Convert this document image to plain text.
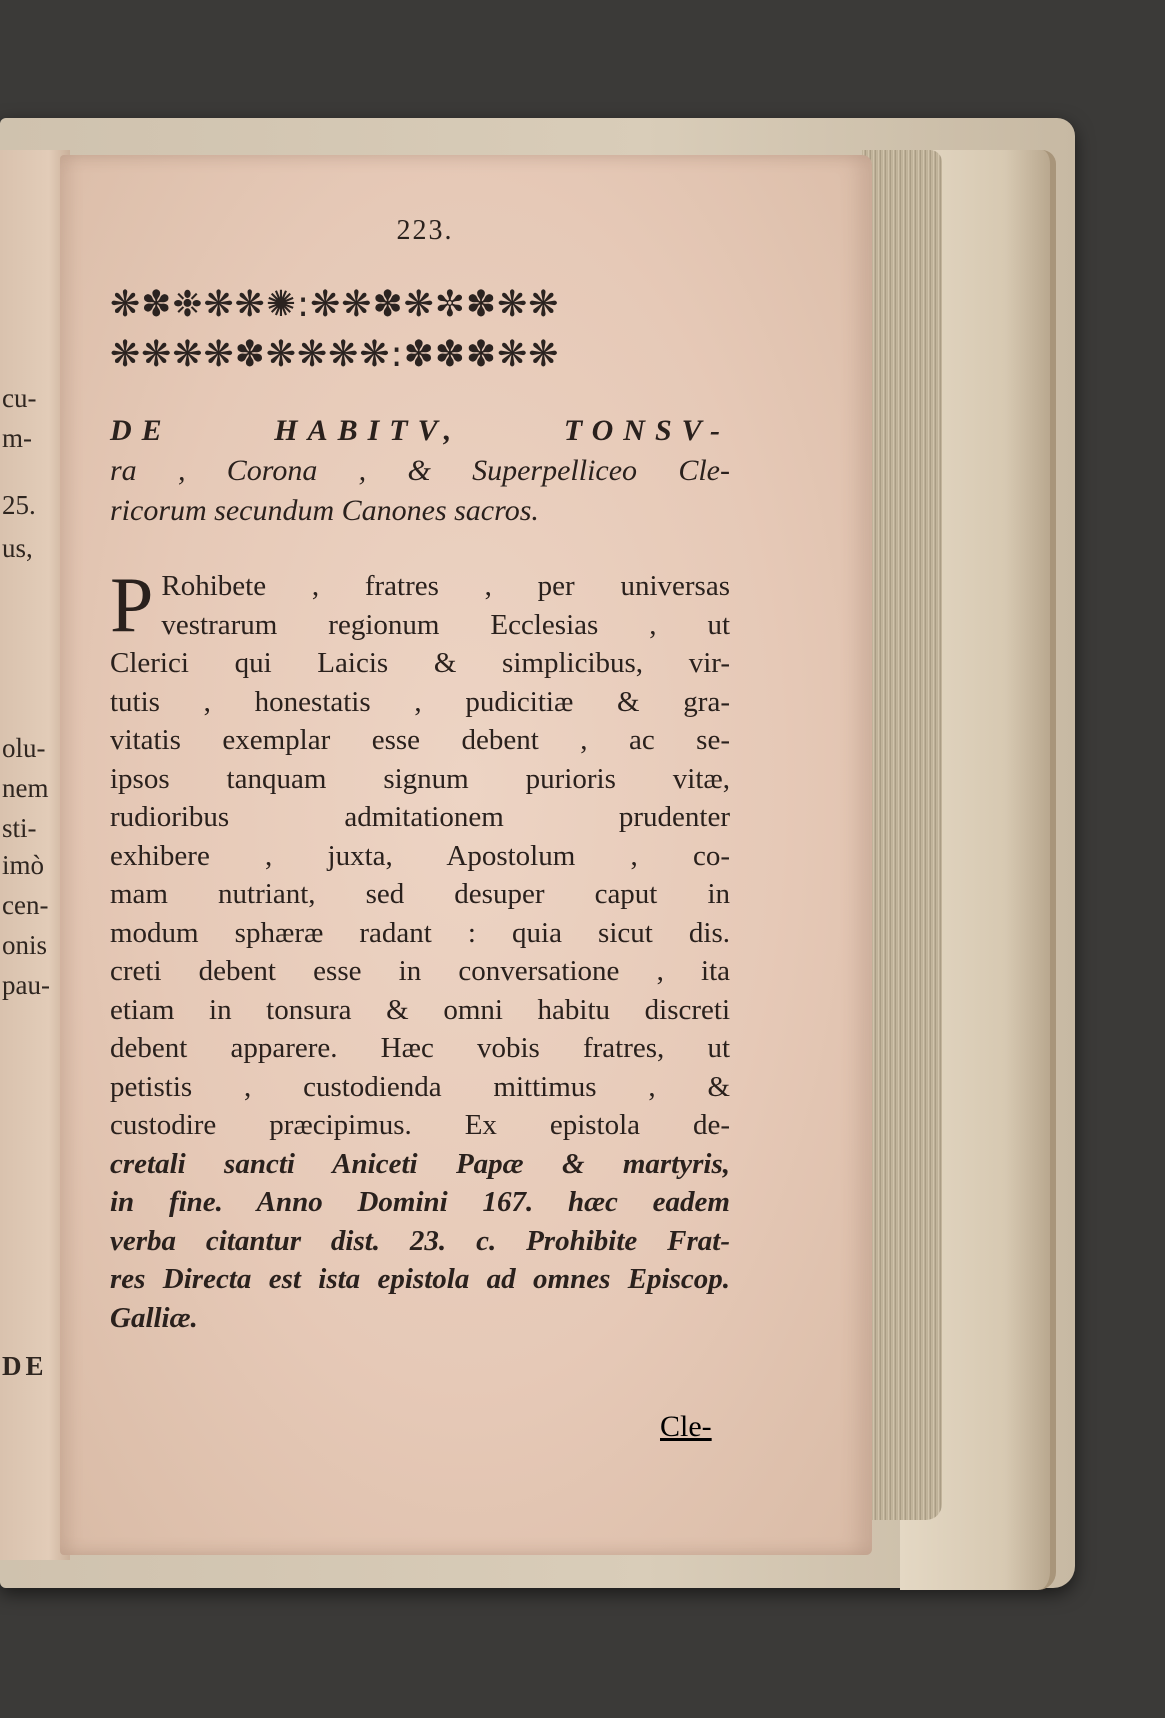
cu-
m-
25.
us,
olu-
nem
sti-
imò
cen-
onis
pau-
DE
223.
❋✽❉❋❋✺:❋❋✽❋✼✽❋❋
❋❋❋❋✽❋❋❋❋:✽✽✽❋❋
DE HABITV, TONSV-
ra , Corona , & Superpelliceo Cle-
ricorum secundum Canones sacros.
P Rohibete , fratres , per universas
vestrarum regionum Ecclesias , ut
Clerici qui Laicis & simplicibus, vir-
tutis , honestatis , pudicitiæ & gra-
vitatis exemplar esse debent , ac se-
ipsos tanquam signum purioris vitæ,
rudioribus admitationem prudenter
exhibere , juxta, Apostolum , co-
mam nutriant, sed desuper caput in
modum sphæræ radant : quia sicut dis.
creti debent esse in conversatione , ita
etiam in tonsura & omni habitu discreti
debent apparere. Hæc vobis fratres, ut
petistis , custodienda mittimus , &
custodire præcipimus. Ex epistola de-
cretali sancti Aniceti Papæ & martyris,
in fine. Anno Domini 167. hæc eadem
verba citantur dist. 23. c. Prohibite Frat-
res Directa est ista epistola ad omnes Episcop.
Galliæ.
Cle-
